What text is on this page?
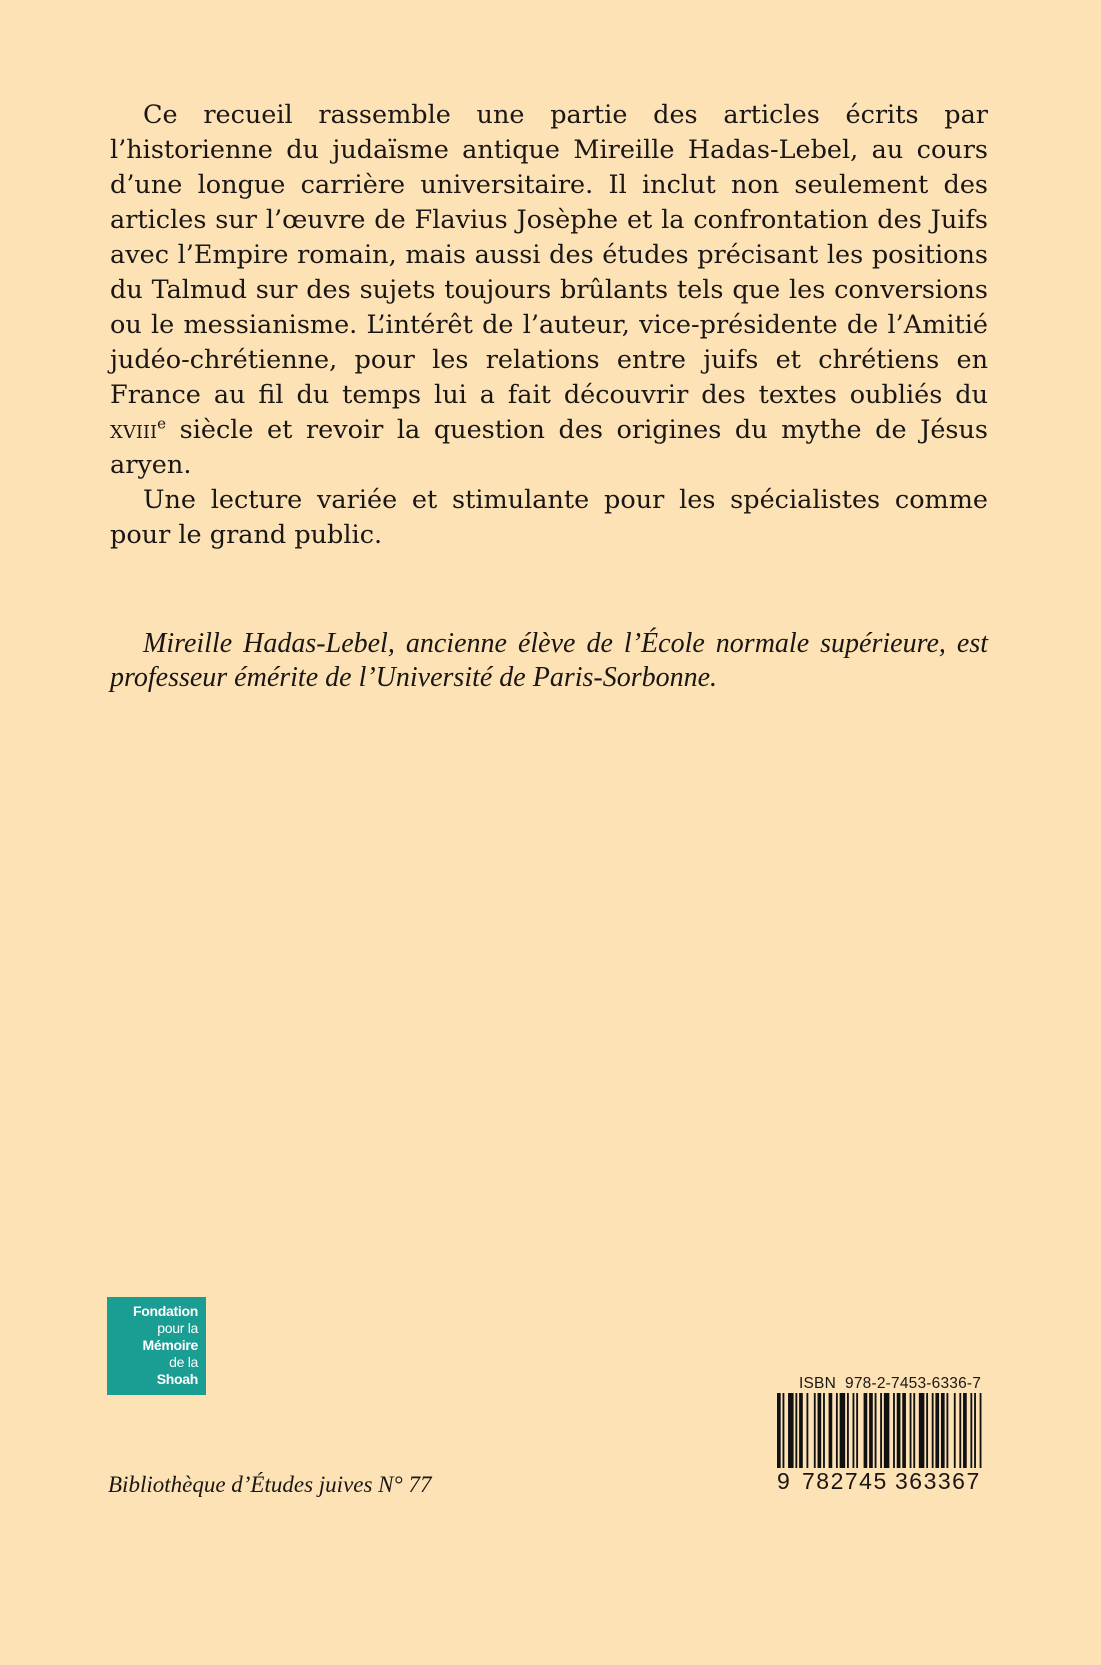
Ce recueil rassemble une partie des articles écrits par l’historienne du judaïsme antique Mireille Hadas-Lebel, au cours d’une longue carrière universitaire. Il inclut non seulement des articles sur l’œuvre de Flavius Josèphe et la confrontation des Juifs avec l’Empire romain, mais aussi des études précisant les positions du Talmud sur des sujets toujours brûlants tels que les conversions ou le messianisme. L’intérêt de l’auteur, vice-présidente de l’Amitié judéo-chrétienne, pour les relations entre juifs et chrétiens en France au fil du temps lui a fait découvrir des textes oubliés du xviii$^e$ siècle et revoir la question des origines du mythe de Jésus aryen.

Une lecture variée et stimulante pour les spécialistes comme pour le grand public.

Mireille Hadas-Lebel, ancienne élève de l’École normale supérieure, est professeur émérite de l’Université de Paris-Sorbonne.

Fondation
pour la
Mémoire
de la
Shoah
Bibliothèque d’Études juives N° 77
ISBN 978-2-7453-6336-7
9 782745 363367
